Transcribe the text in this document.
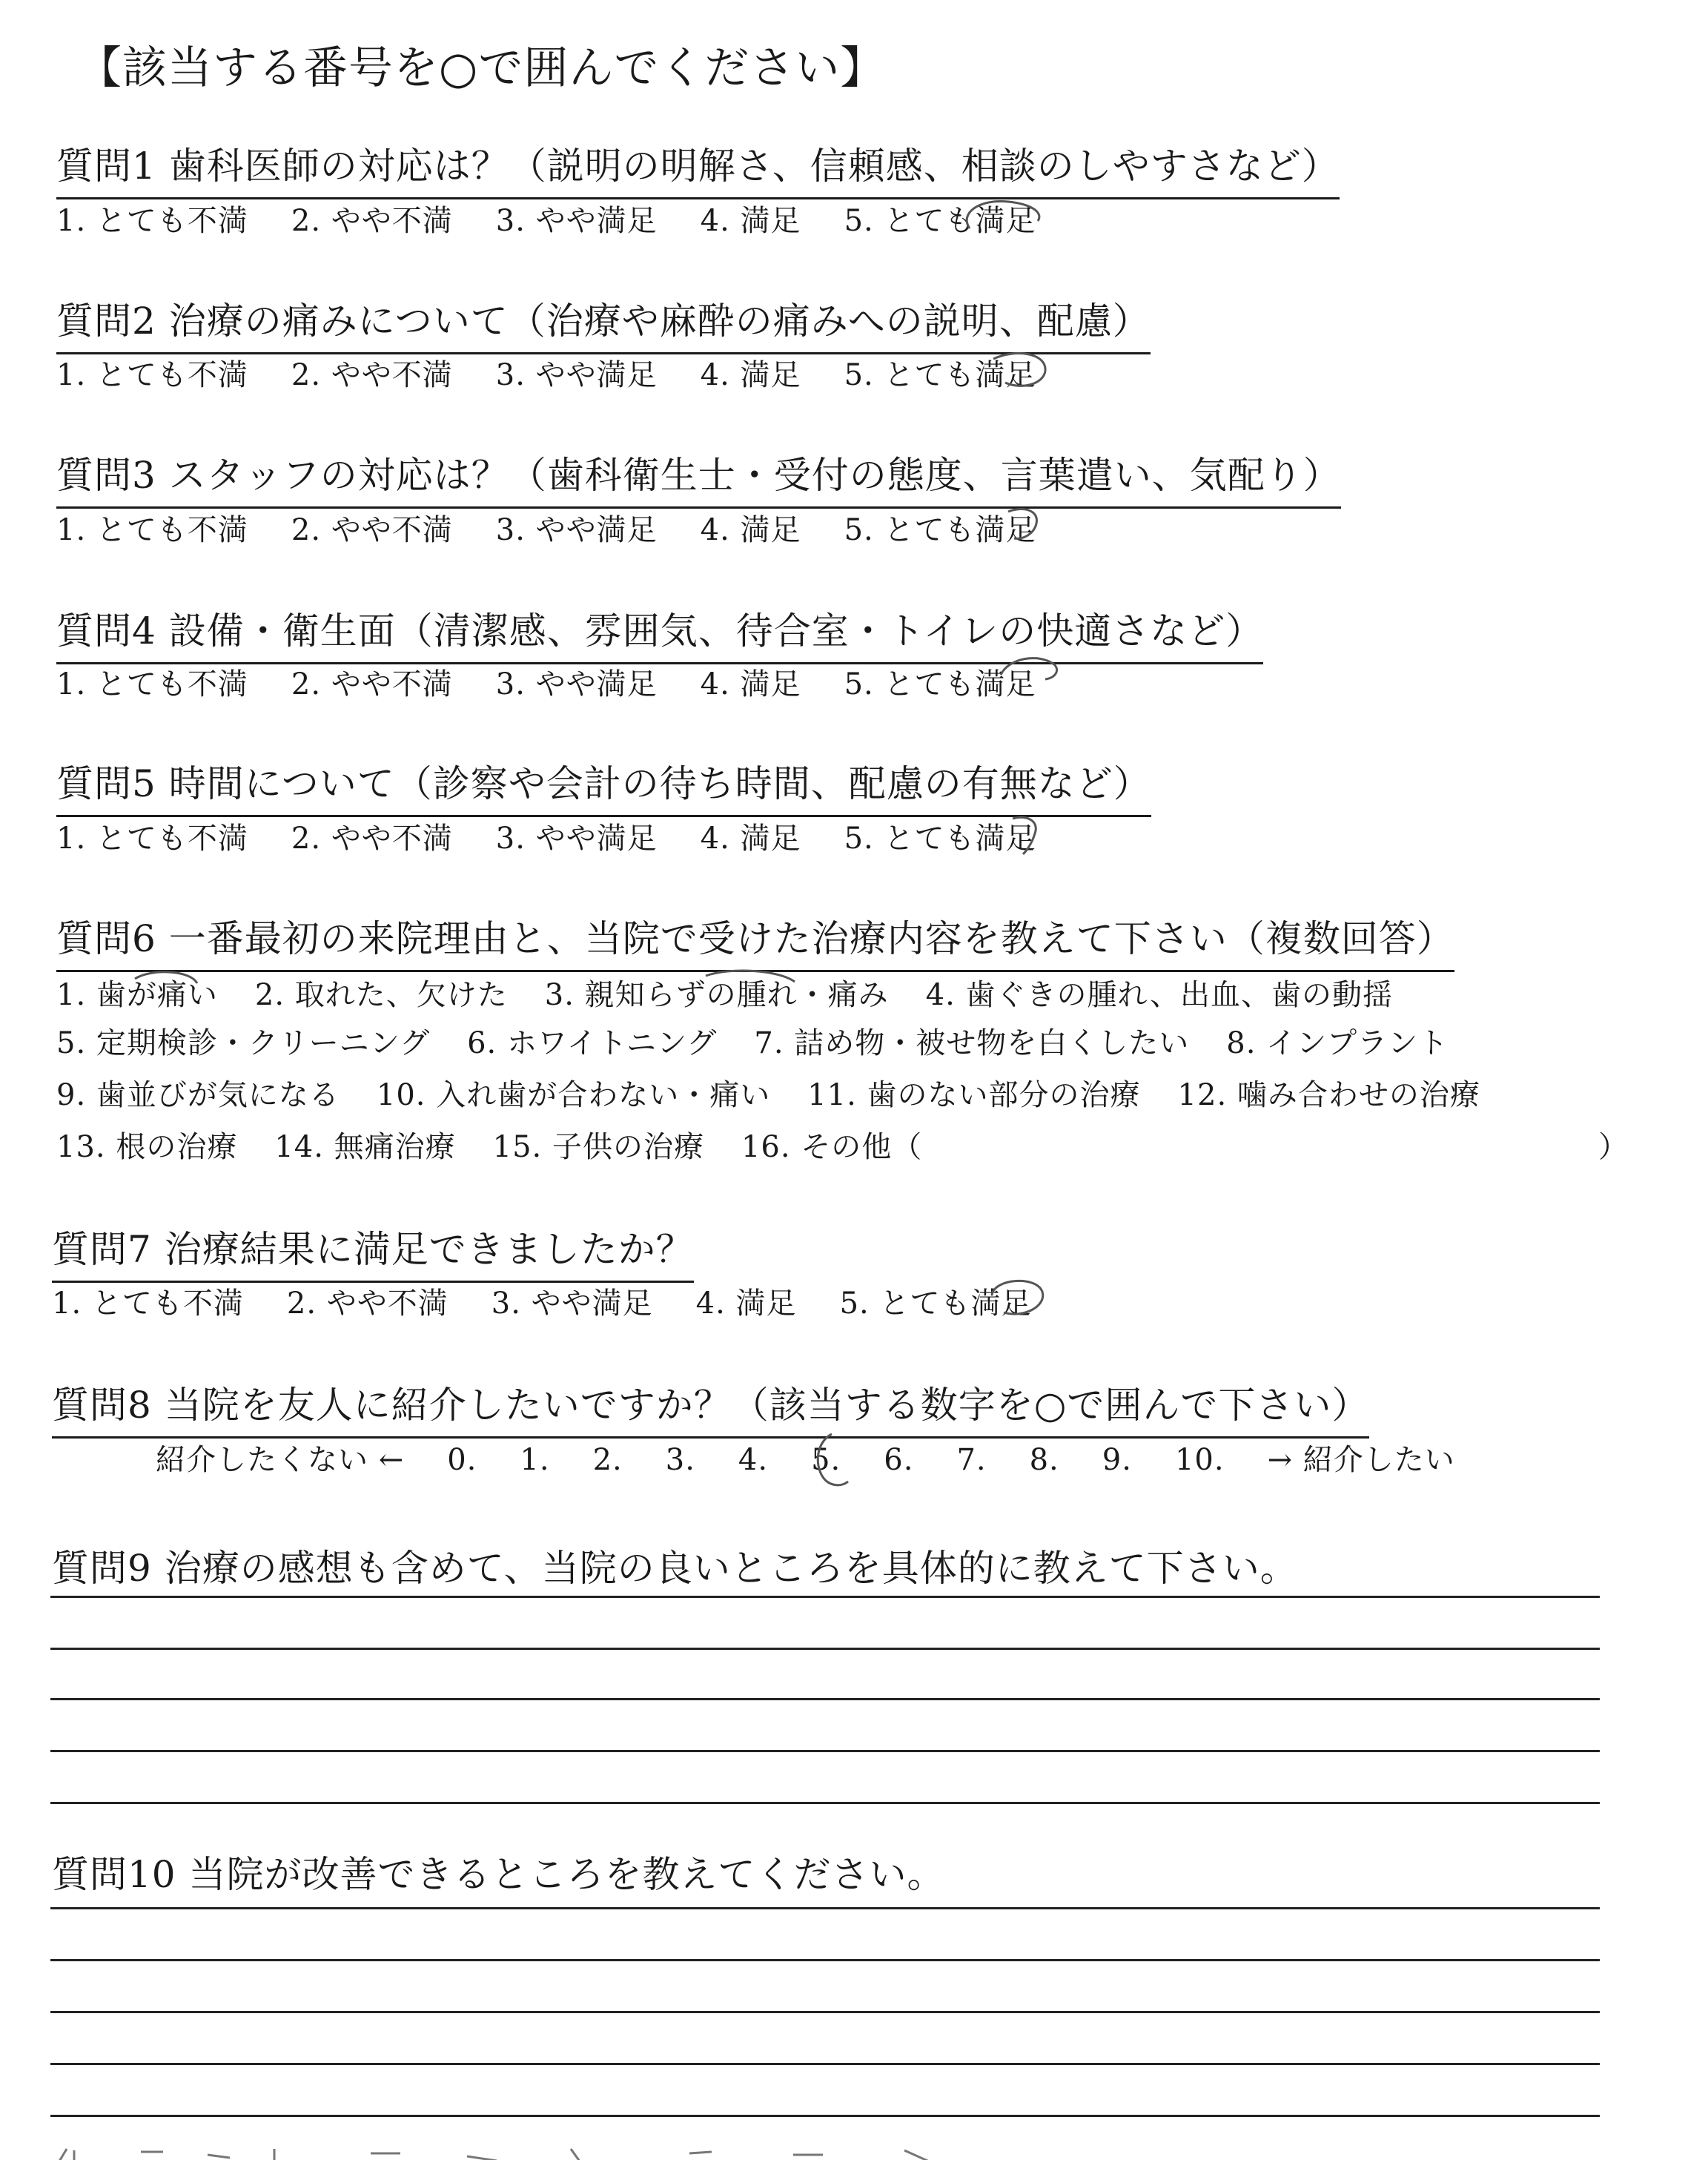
【該当する番号を○で囲んでください】
質問1 歯科医師の対応は？（説明の明解さ、信頼感、相談のしやすさなど）
1. とても不満 2. やや不満 3. やや満足 4. 満足 5. とても満足
質問2 治療の痛みについて（治療や麻酔の痛みへの説明、配慮）
1. とても不満 2. やや不満 3. やや満足 4. 満足 5. とても満足
質問3 スタッフの対応は？（歯科衛生士・受付の態度、言葉遣い、気配り）
1. とても不満 2. やや不満 3. やや満足 4. 満足 5. とても満足
質問4 設備・衛生面（清潔感、雰囲気、待合室・トイレの快適さなど）
1. とても不満 2. やや不満 3. やや満足 4. 満足 5. とても満足
質問5 時間について（診察や会計の待ち時間、配慮の有無など）
1. とても不満 2. やや不満 3. やや満足 4. 満足 5. とても満足
質問6 一番最初の来院理由と、当院で受けた治療内容を教えて下さい（複数回答）
1. 歯が痛い 2. 取れた、欠けた 3. 親知らずの腫れ・痛み 4. 歯ぐきの腫れ、出血、歯の動揺
5. 定期検診・クリーニング 6. ホワイトニング 7. 詰め物・被せ物を白くしたい 8. インプラント
9. 歯並びが気になる 10. 入れ歯が合わない・痛い 11. 歯のない部分の治療 12. 噛み合わせの治療
13. 根の治療 14. 無痛治療 15. 子供の治療 16. その他（	）
質問7 治療結果に満足できましたか？
1. とても不満 2. やや不満 3. やや満足 4. 満足 5. とても満足
質問8 当院を友人に紹介したいですか？（該当する数字を○で囲んで下さい）
紹介したくない ← 0. 1. 2. 3. 4. 5. 6. 7. 8. 9. 10. → 紹介したい
質問9 治療の感想も含めて、当院の良いところを具体的に教えて下さい。
質問10 当院が改善できるところを教えてください。
